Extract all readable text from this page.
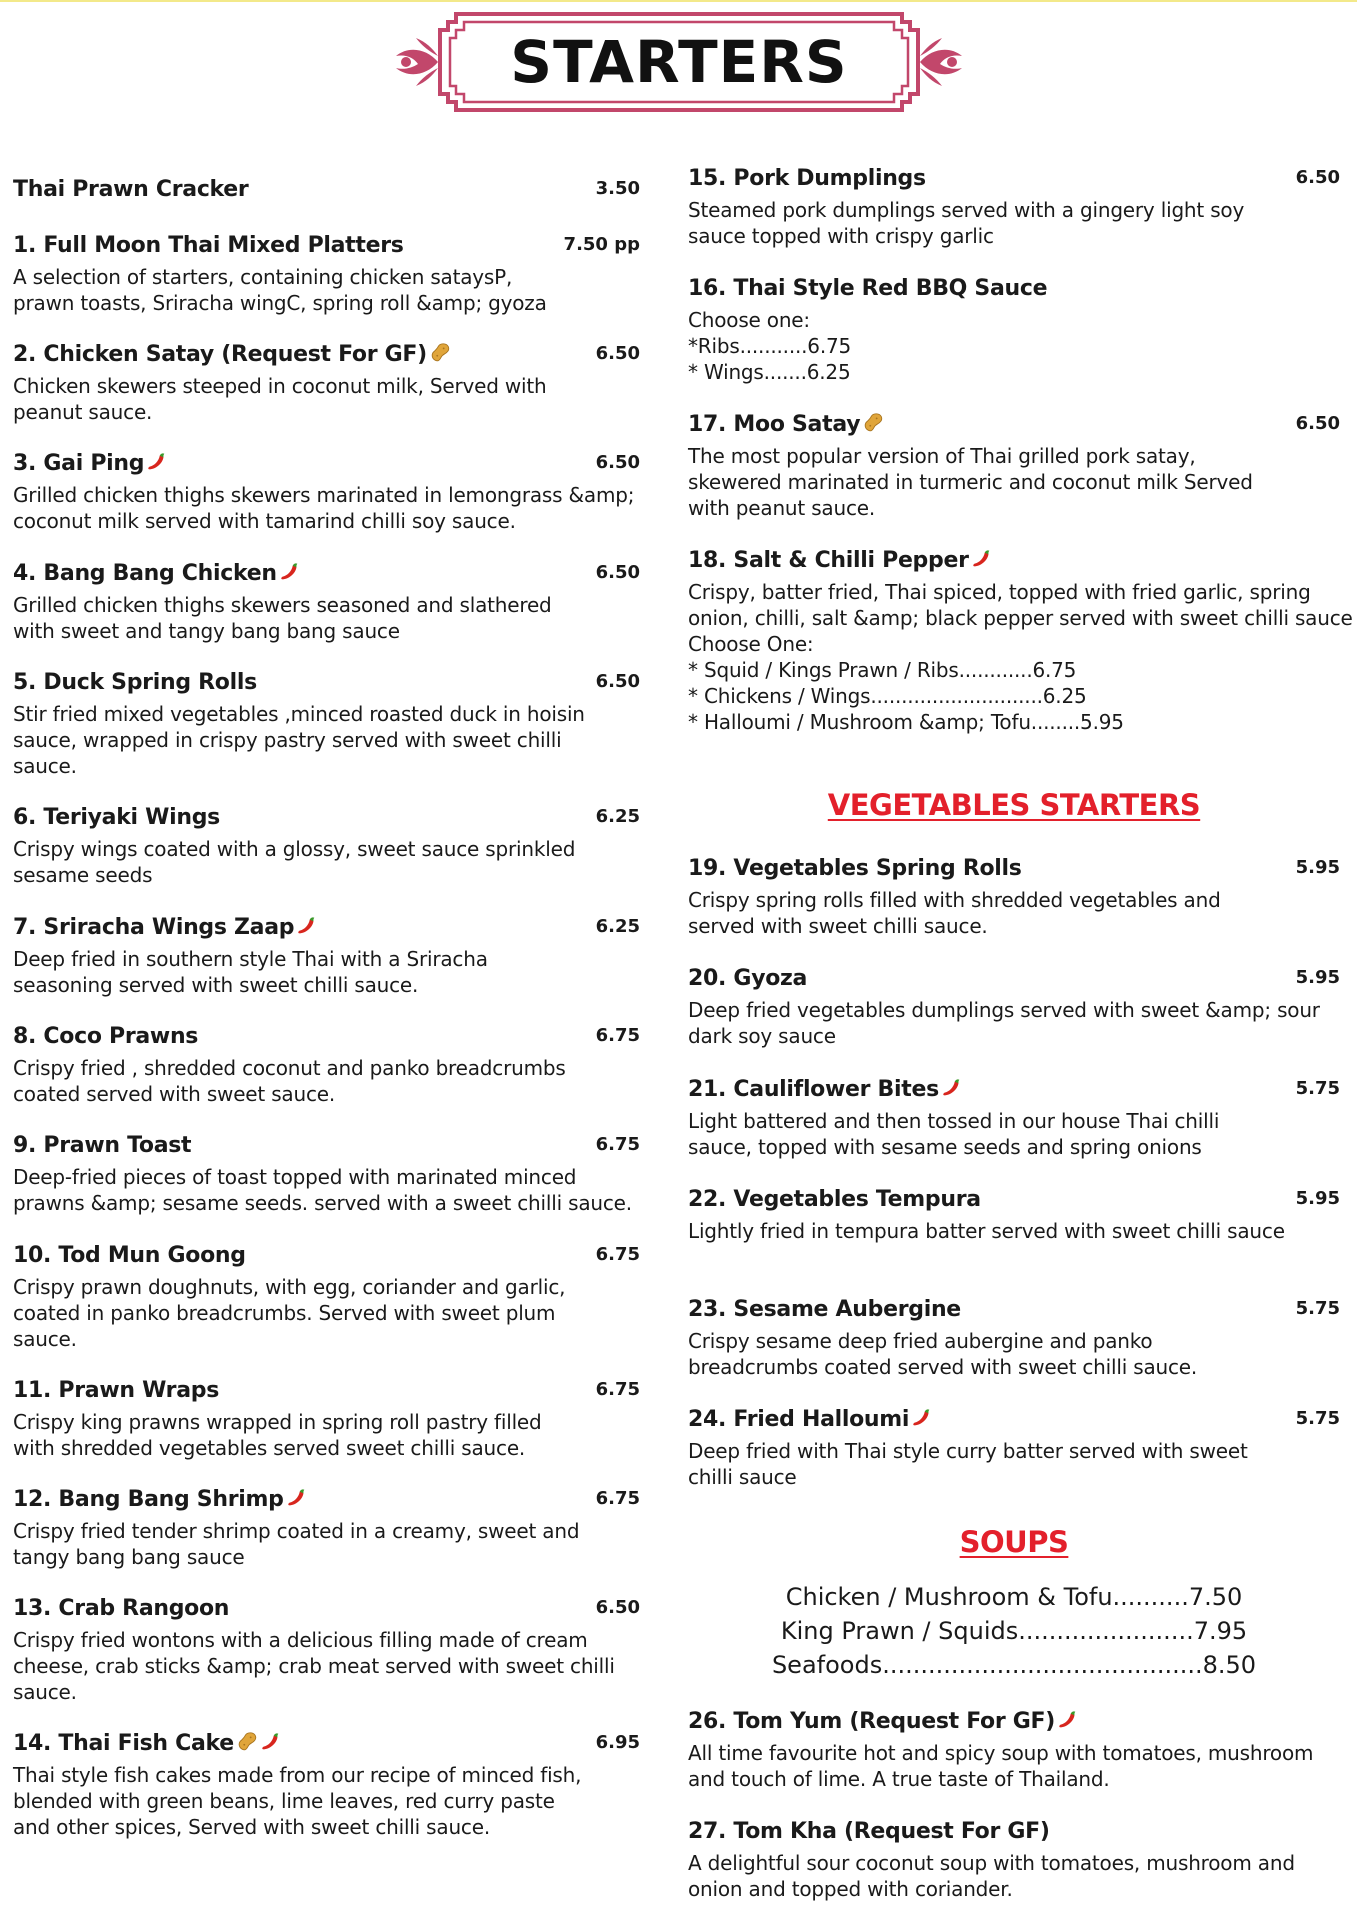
STARTERS
Thai Prawn Cracker	3.50
1. Full Moon Thai Mixed Platters	7.50 pp
A selection of starters, containing chicken sataysP,
prawn toasts, Sriracha wingC, spring roll &amp; gyoza
2. Chicken Satay (Request For GF)	6.50
Chicken skewers steeped in coconut milk, Served with
peanut sauce.
3. Gai Ping	6.50
Grilled chicken thighs skewers marinated in lemongrass &amp;
coconut milk served with tamarind chilli soy sauce.
4. Bang Bang Chicken	6.50
Grilled chicken thighs skewers seasoned and slathered
with sweet and tangy bang bang sauce
5. Duck Spring Rolls	6.50
Stir fried mixed vegetables ,minced roasted duck in hoisin
sauce, wrapped in crispy pastry served with sweet chilli
sauce.
6. Teriyaki Wings	6.25
Crispy wings coated with a glossy, sweet sauce sprinkled
sesame seeds
7. Sriracha Wings Zaap	6.25
Deep fried in southern style Thai with a Sriracha
seasoning served with sweet chilli sauce.
8. Coco Prawns	6.75
Crispy fried , shredded coconut and panko breadcrumbs
coated served with sweet sauce.
9. Prawn Toast	6.75
Deep-fried pieces of toast topped with marinated minced
prawns &amp; sesame seeds. served with a sweet chilli sauce.
10. Tod Mun Goong	6.75
Crispy prawn doughnuts, with egg, coriander and garlic,
coated in panko breadcrumbs. Served with sweet plum
sauce.
11. Prawn Wraps	6.75
Crispy king prawns wrapped in spring roll pastry filled
with shredded vegetables served sweet chilli sauce.
12. Bang Bang Shrimp	6.75
Crispy fried tender shrimp coated in a creamy, sweet and
tangy bang bang sauce
13. Crab Rangoon	6.50
Crispy fried wontons with a delicious filling made of cream
cheese, crab sticks &amp; crab meat served with sweet chilli
sauce.
14. Thai Fish Cake	6.95
Thai style fish cakes made from our recipe of minced fish,
blended with green beans, lime leaves, red curry paste
and other spices, Served with sweet chilli sauce.
VEGETABLES STARTERS
SOUPS
Chicken / Mushroom & Tofu..........7.50
King Prawn / Squids.......................7.95
Seafoods..........................................8.50
15. Pork Dumplings	6.50
Steamed pork dumplings served with a gingery light soy
sauce topped with crispy garlic
16. Thai Style Red BBQ Sauce
Choose one:
*Ribs...........6.75
* Wings.......6.25
17. Moo Satay	6.50
The most popular version of Thai grilled pork satay,
skewered marinated in turmeric and coconut milk Served
with peanut sauce.
18. Salt & Chilli Pepper
Crispy, batter fried, Thai spiced, topped with fried garlic, spring
onion, chilli, salt &amp; black pepper served with sweet chilli sauce
Choose One:
* Squid / Kings Prawn / Ribs............6.75
* Chickens / Wings............................6.25
* Halloumi / Mushroom &amp; Tofu........5.95
19. Vegetables Spring Rolls	5.95
Crispy spring rolls filled with shredded vegetables and
served with sweet chilli sauce.
20. Gyoza	5.95
Deep fried vegetables dumplings served with sweet &amp; sour
dark soy sauce
21. Cauliflower Bites	5.75
Light battered and then tossed in our house Thai chilli
sauce, topped with sesame seeds and spring onions
22. Vegetables Tempura	5.95
Lightly fried in tempura batter served with sweet chilli sauce
23. Sesame Aubergine	5.75
Crispy sesame deep fried aubergine and panko
breadcrumbs coated served with sweet chilli sauce.
24. Fried Halloumi	5.75
Deep fried with Thai style curry batter served with sweet
chilli sauce
26. Tom Yum (Request For GF)
All time favourite hot and spicy soup with tomatoes, mushroom
and touch of lime. A true taste of Thailand.
27. Tom Kha (Request For GF)
A delightful sour coconut soup with tomatoes, mushroom and
onion and topped with coriander.
